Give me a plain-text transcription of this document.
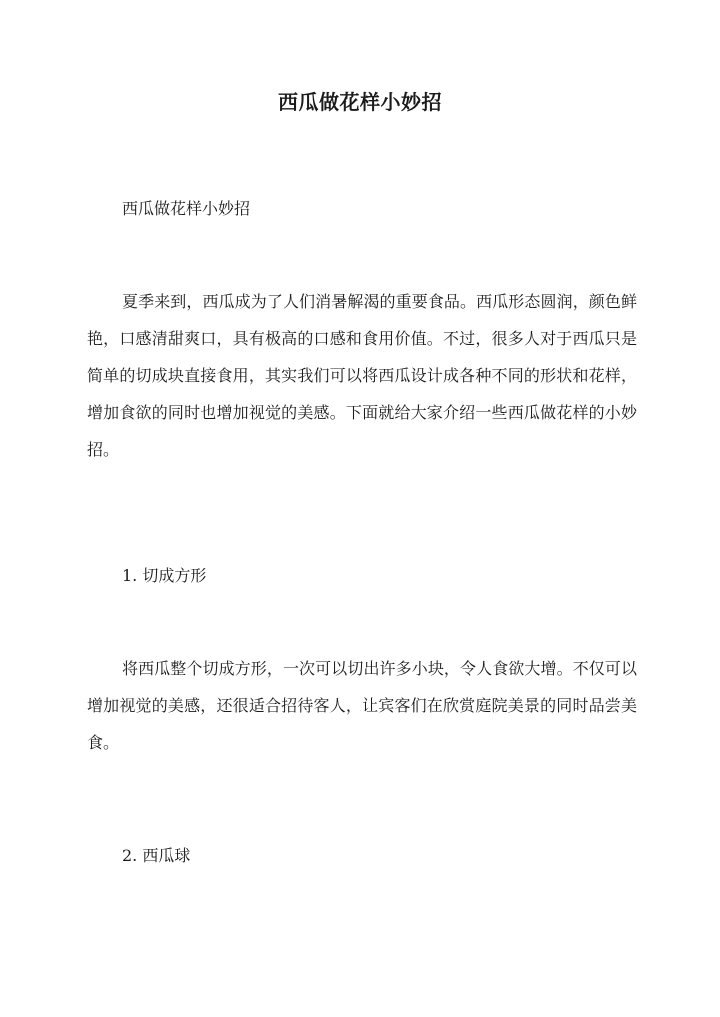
西瓜做花样小妙招

西瓜做花样小妙招

夏季来到，西瓜成为了人们消暑解渴的重要食品。西瓜形态圆润，颜色鲜艳，口感清甜爽口，具有极高的口感和食用价值。不过，很多人对于西瓜只是简单的切成块直接食用，其实我们可以将西瓜设计成各种不同的形状和花样，增加食欲的同时也增加视觉的美感。下面就给大家介绍一些西瓜做花样的小妙招。

1. 切成方形

将西瓜整个切成方形，一次可以切出许多小块，令人食欲大增。不仅可以增加视觉的美感，还很适合招待客人，让宾客们在欣赏庭院美景的同时品尝美食。

2. 西瓜球
